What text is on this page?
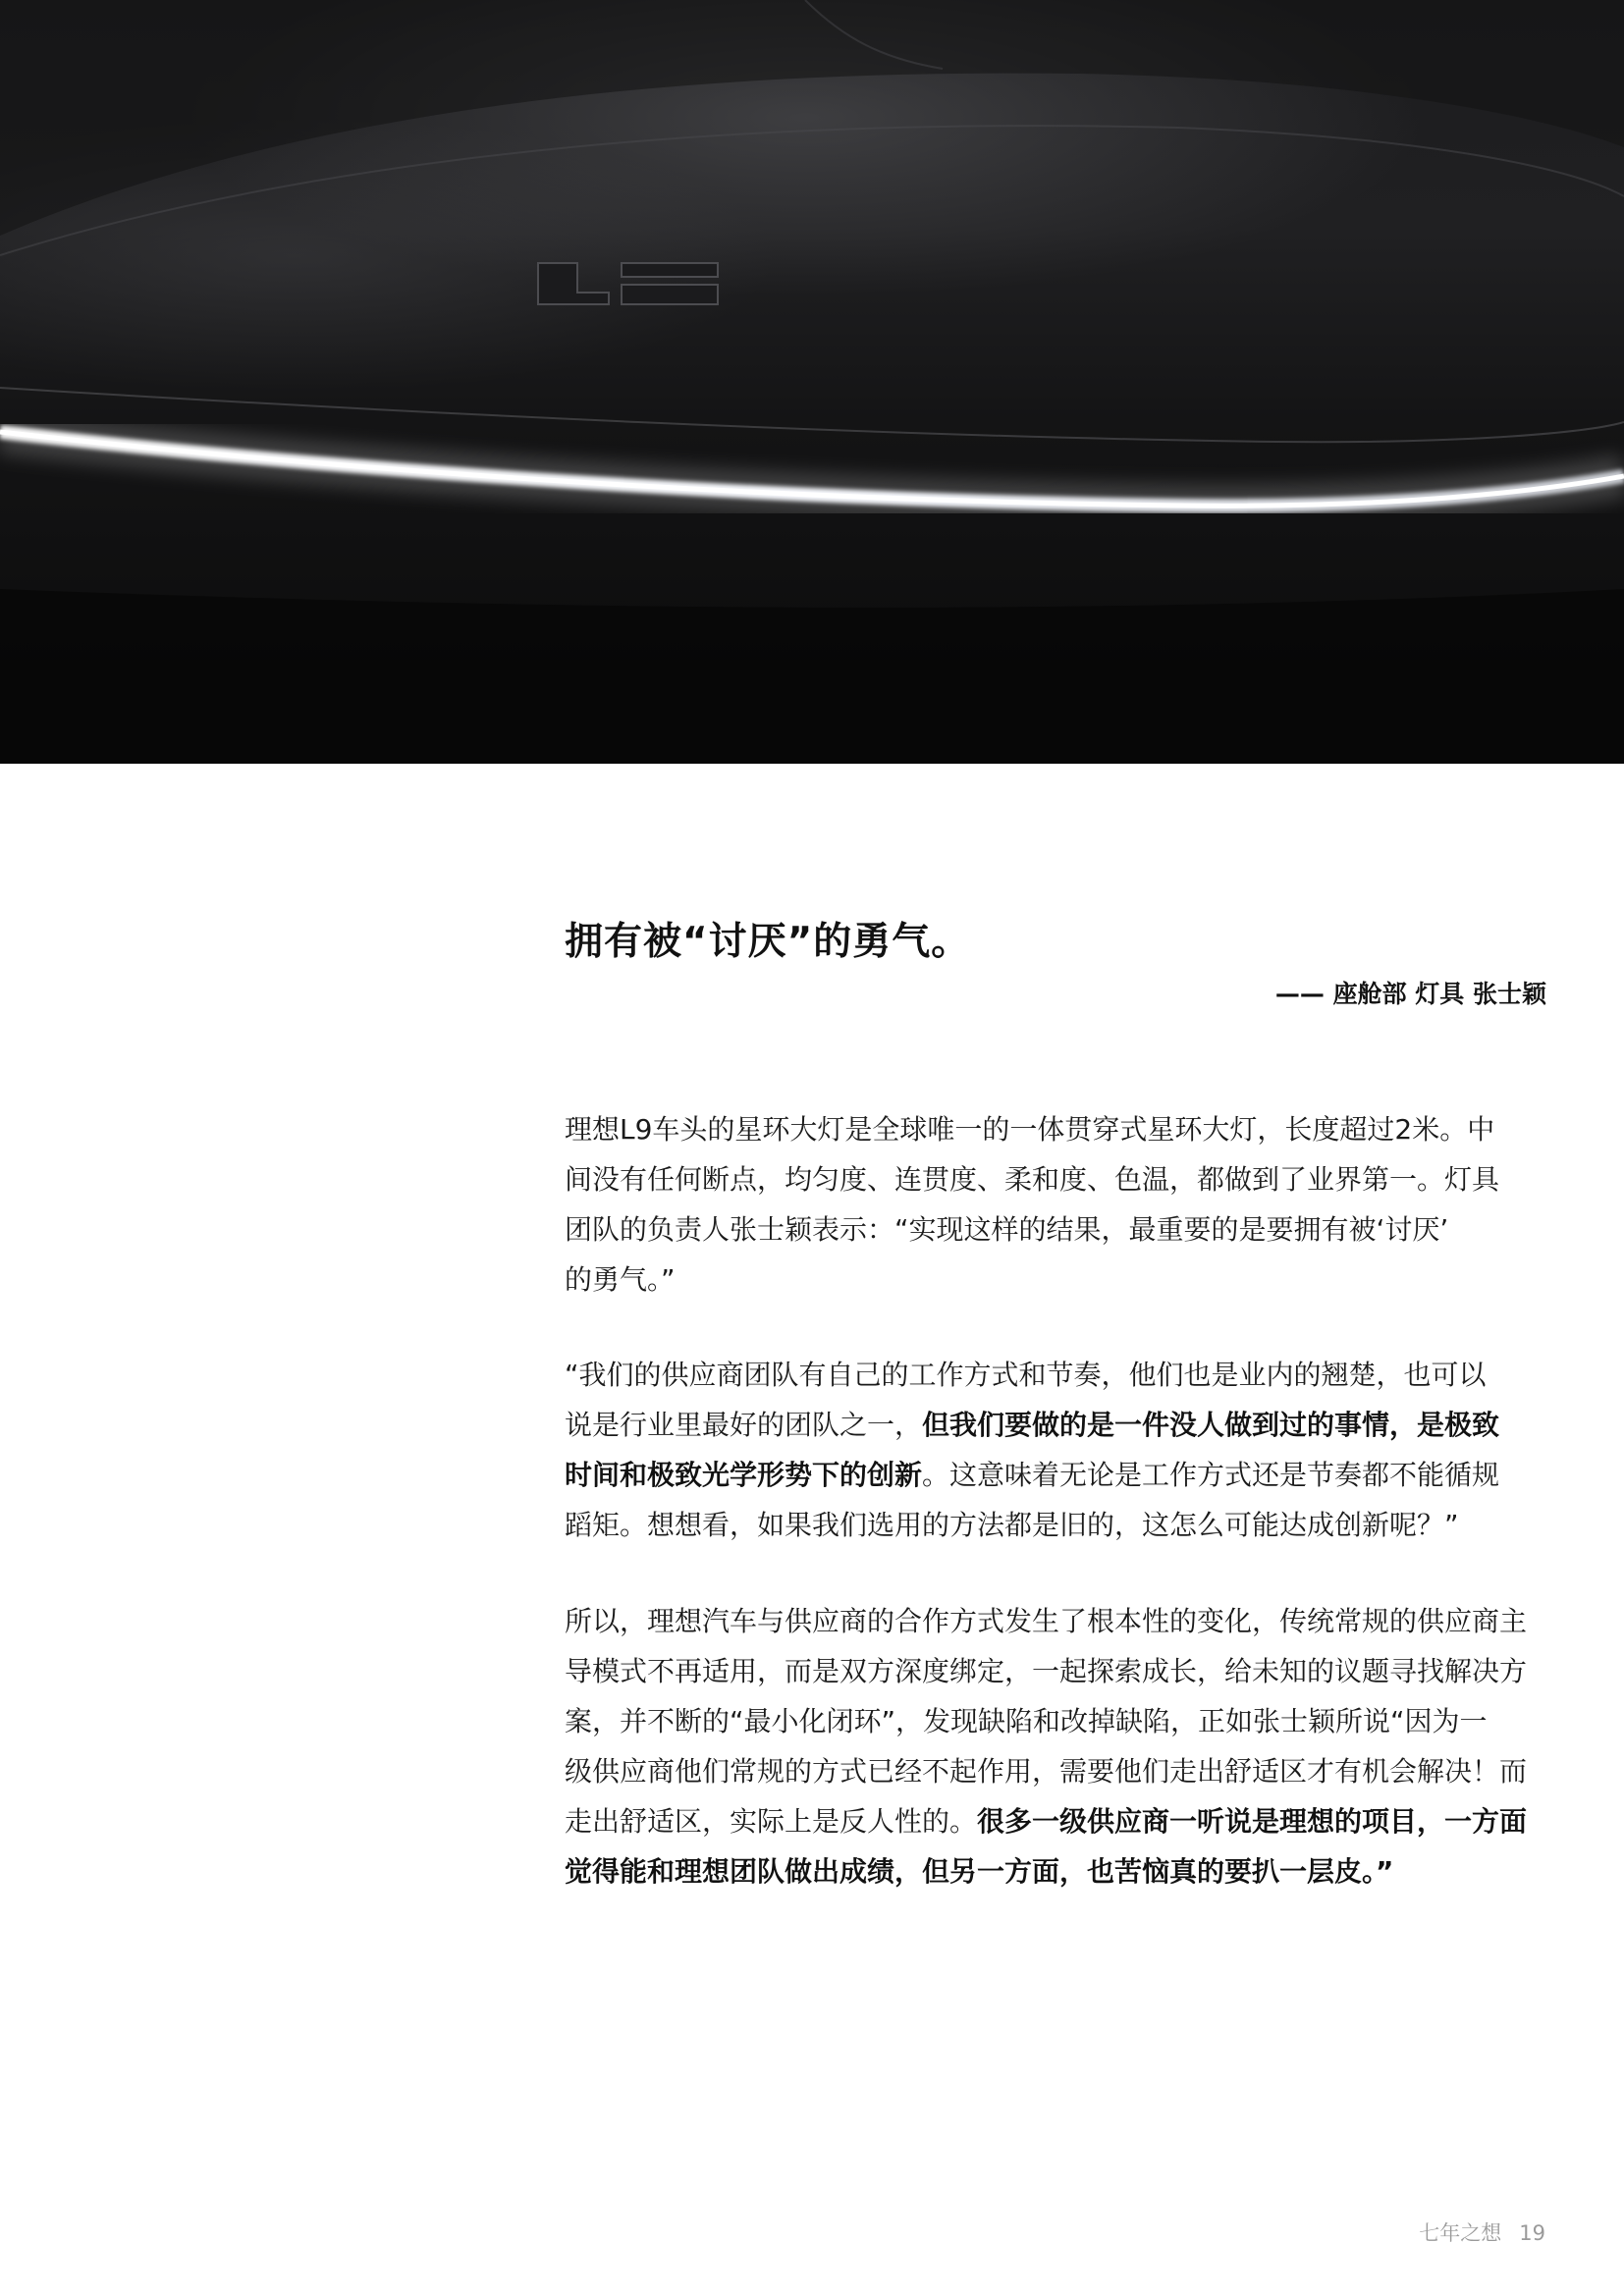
拥有被“讨厌”的勇气。
—— 座舱部 灯具 张士颖
理想L9车头的星环大灯是全球唯一的一体贯穿式星环大灯，长度超过2米。中
间没有任何断点，均匀度、连贯度、柔和度、色温，都做到了业界第一。灯具
团队的负责人张士颖表示：“实现这样的结果，最重要的是要拥有被‘讨厌’
的勇气。”
“我们的供应商团队有自己的工作方式和节奏，他们也是业内的翘楚，也可以
说是行业里最好的团队之一，但我们要做的是一件没人做到过的事情，是极致
时间和极致光学形势下的创新。这意味着无论是工作方式还是节奏都不能循规
蹈矩。想想看，如果我们选用的方法都是旧的，这怎么可能达成创新呢？”
所以，理想汽车与供应商的合作方式发生了根本性的变化，传统常规的供应商主
导模式不再适用，而是双方深度绑定，一起探索成长，给未知的议题寻找解决方
案，并不断的“最小化闭环”，发现缺陷和改掉缺陷，正如张士颖所说“因为一
级供应商他们常规的方式已经不起作用，需要他们走出舒适区才有机会解决！而
走出舒适区，实际上是反人性的。很多一级供应商一听说是理想的项目，一方面
觉得能和理想团队做出成绩，但另一方面，也苦恼真的要扒一层皮。”
七年之想 19
